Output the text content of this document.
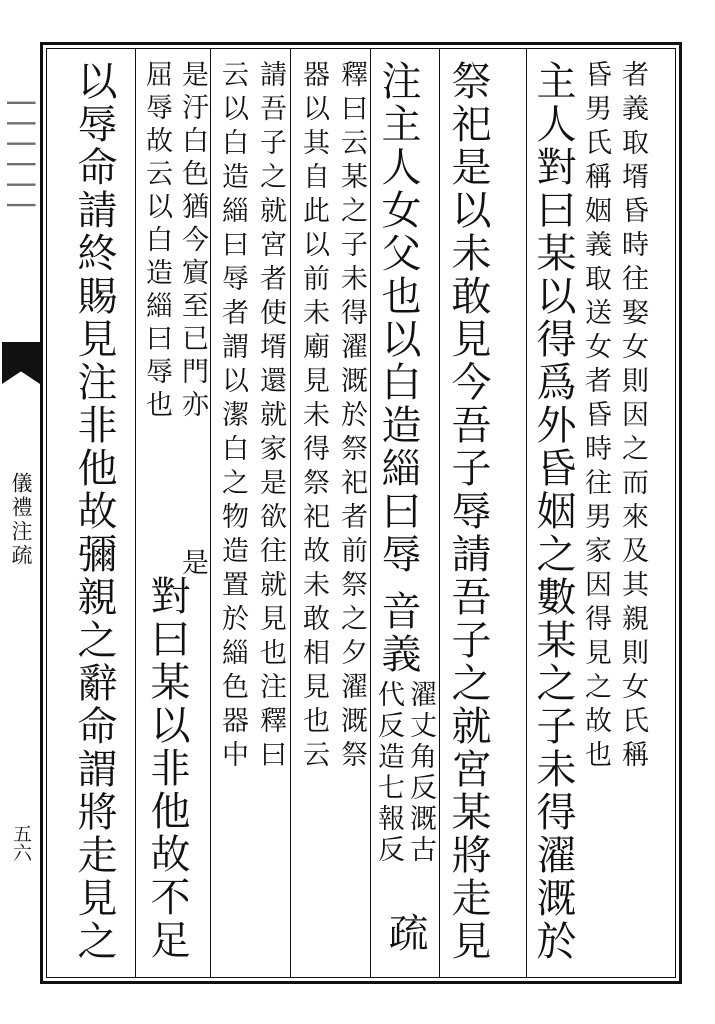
▏▏▏▏▏▏
儀禮注疏
五六
者義取壻昏時往娶女則因之而來及其親則女氏稱
昏男氏稱姻義取送女者昏時往男家因得見之故也
主人對曰某以得爲外昏姻之數某之子未得濯溉於
祭祀是以未敢見今吾子辱請吾子之就宮某將走見
注主人女父也以白造緇曰辱
音義
濯丈角反溉古
代反造七報反
疏
釋曰云某之子未得濯溉於祭祀者前祭之夕濯溉祭
器以其自此以前未廟見未得祭祀故未敢相見也云
請吾子之就宮者使壻還就家是欲往就見也注釋曰
云以白造緇曰辱者謂以潔白之物造置於緇色器中
是汙白色猶今賔至已門亦
是
屈辱故云以白造緇曰辱也
對曰某以非他故不足
以辱命請終賜見注非他故彌親之辭命謂將走見之
